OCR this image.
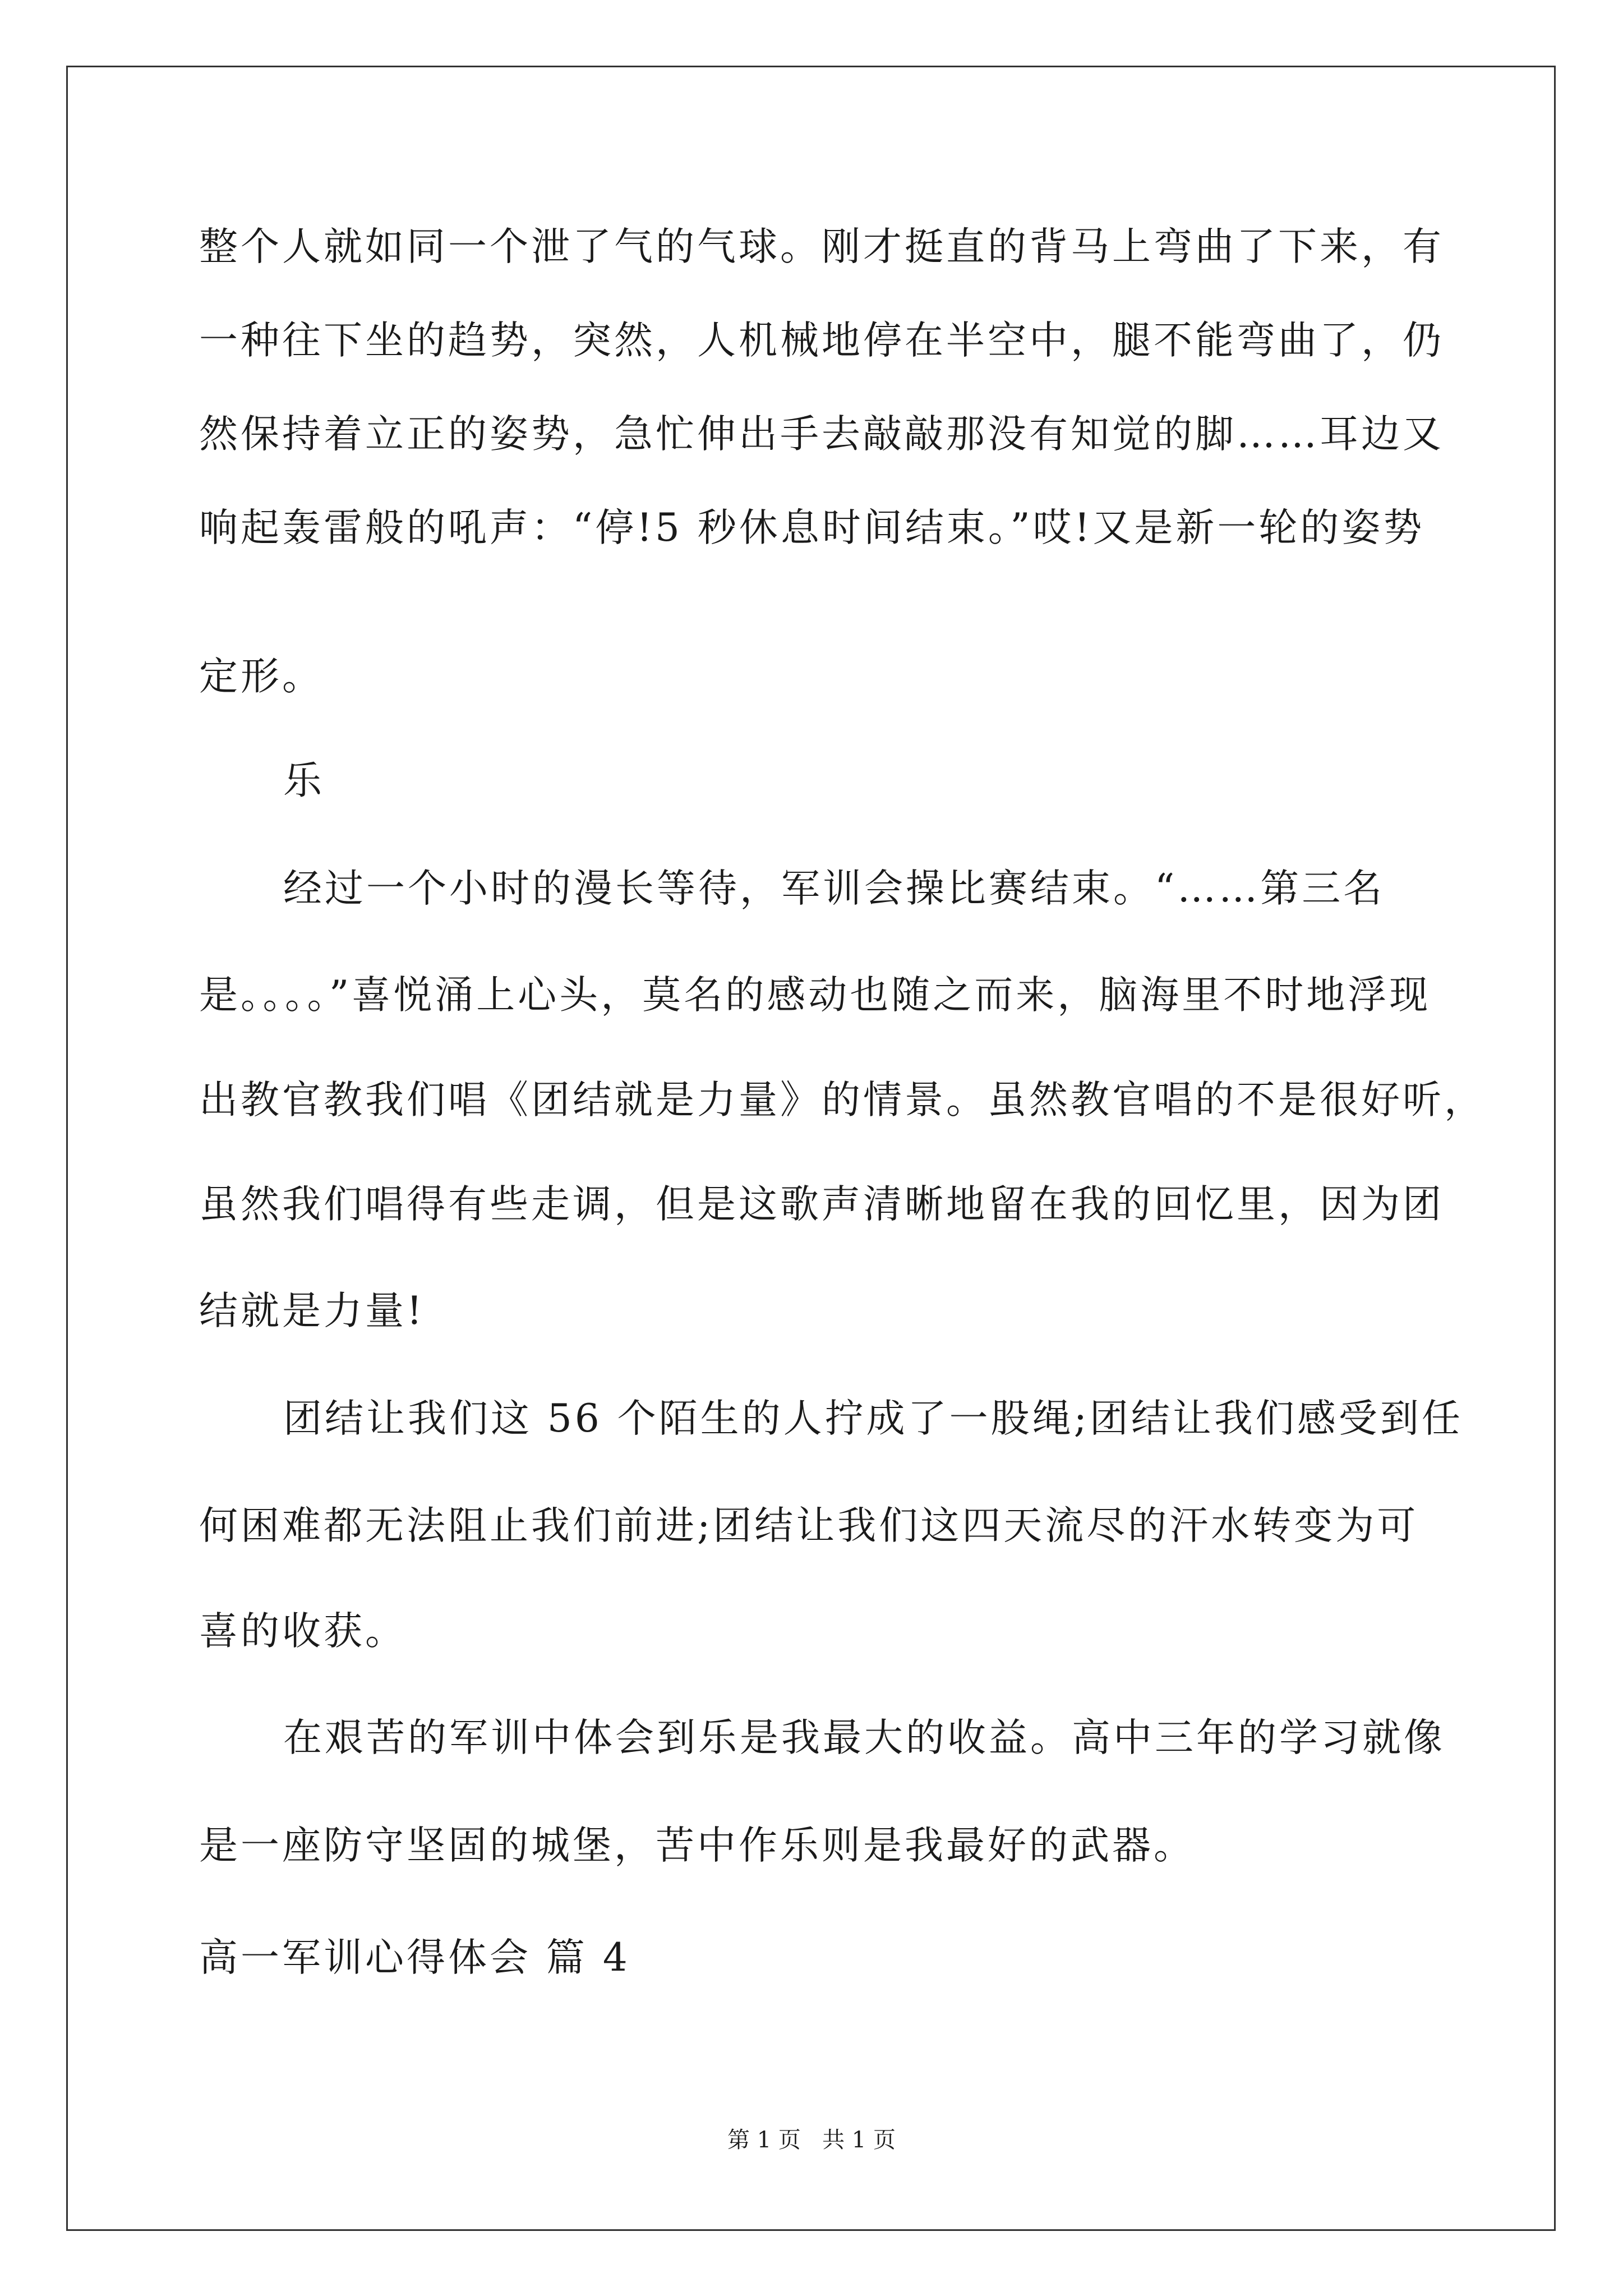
整个人就如同一个泄了气的气球。刚才挺直的背马上弯曲了下来，有
一种往下坐的趋势，突然，人机械地停在半空中，腿不能弯曲了，仍
然保持着立正的姿势，急忙伸出手去敲敲那没有知觉的脚……耳边又
响起轰雷般的吼声：“停!5 秒休息时间结束。”哎!又是新一轮的姿势
定形。
乐
经过一个小时的漫长等待，军训会操比赛结束。“……第三名
是。。。。”喜悦涌上心头，莫名的感动也随之而来，脑海里不时地浮现
出教官教我们唱《团结就是力量》的情景。虽然教官唱的不是很好听，
虽然我们唱得有些走调，但是这歌声清晰地留在我的回忆里，因为团
结就是力量!
团结让我们这 56 个陌生的人拧成了一股绳;团结让我们感受到任
何困难都无法阻止我们前进;团结让我们这四天流尽的汗水转变为可
喜的收获。
在艰苦的军训中体会到乐是我最大的收益。高中三年的学习就像
是一座防守坚固的城堡，苦中作乐则是我最好的武器。
高一军训心得体会 篇 4
第 1 页   共 1 页
